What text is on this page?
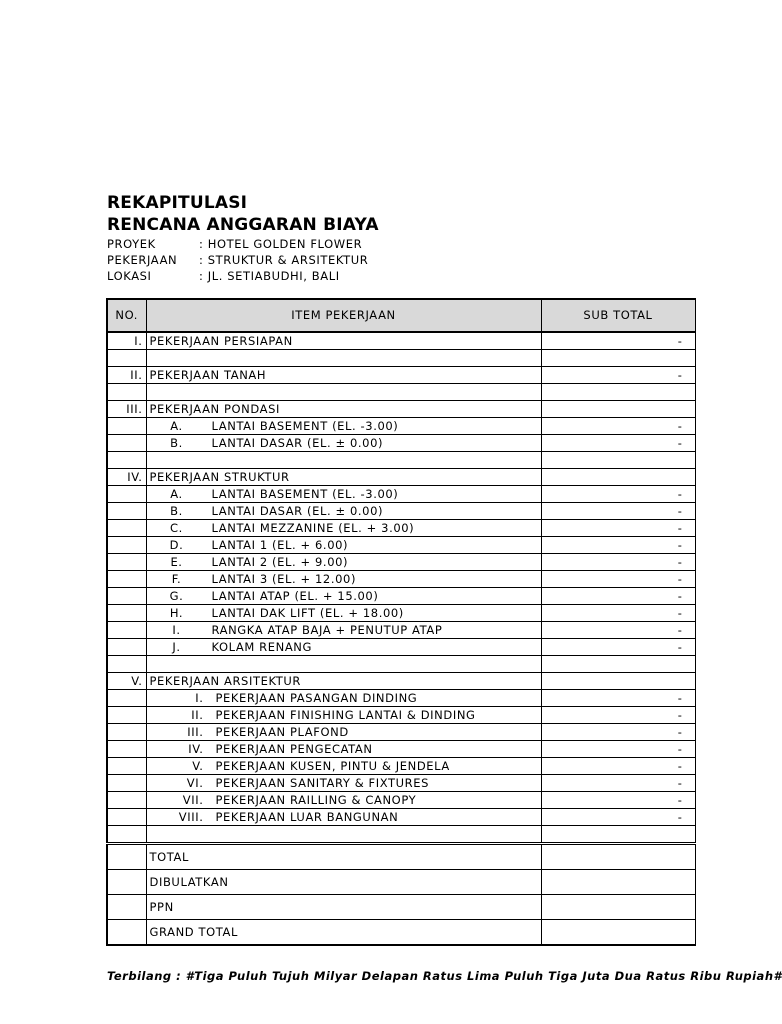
REKAPITULASI
RENCANA ANGGARAN BIAYA
PROYEK	: HOTEL GOLDEN FLOWER
PEKERJAAN : STRUKTUR & ARSITEKTUR
LOKASI	: JL. SETIABUDHI, BALI
NO.	ITEM PEKERJAAN	SUB TOTAL
I.	PEKERJAAN PERSIAPAN	-

II.	PEKERJAAN TANAH	-

III.	PEKERJAAN PONDASI	
	A. LANTAI BASEMENT (EL. -3.00)	-
	B. LANTAI DASAR (EL. ± 0.00)	-

IV.	PEKERJAAN STRUKTUR	
	A. LANTAI BASEMENT (EL. -3.00)	-
	B. LANTAI DASAR (EL. ± 0.00)	-
	C. LANTAI MEZZANINE (EL. + 3.00)	-
	D. LANTAI 1 (EL. + 6.00)	-
	E. LANTAI 2 (EL. + 9.00)	-
	F. LANTAI 3 (EL. + 12.00)	-
	G. LANTAI ATAP (EL. + 15.00)	-
	H. LANTAI DAK LIFT (EL. + 18.00)	-
	I. RANGKA ATAP BAJA + PENUTUP ATAP	-
	J. KOLAM RENANG	-

V.	PEKERJAAN ARSITEKTUR	
	I. PEKERJAAN PASANGAN DINDING	-
	II. PEKERJAAN FINISHING LANTAI & DINDING	-
	III. PEKERJAAN PLAFOND	-
	IV. PEKERJAAN PENGECATAN	-
	V. PEKERJAAN KUSEN, PINTU & JENDELA	-
	VI. PEKERJAAN SANITARY & FIXTURES	-
	VII. PEKERJAAN RAILLING & CANOPY	-
	VIII. PEKERJAAN LUAR BANGUNAN	-

	TOTAL	
	DIBULATKAN	
	PPN	
	GRAND TOTAL	
Terbilang : #Tiga Puluh Tujuh Milyar Delapan Ratus Lima Puluh Tiga Juta Dua Ratus Ribu Rupiah#
